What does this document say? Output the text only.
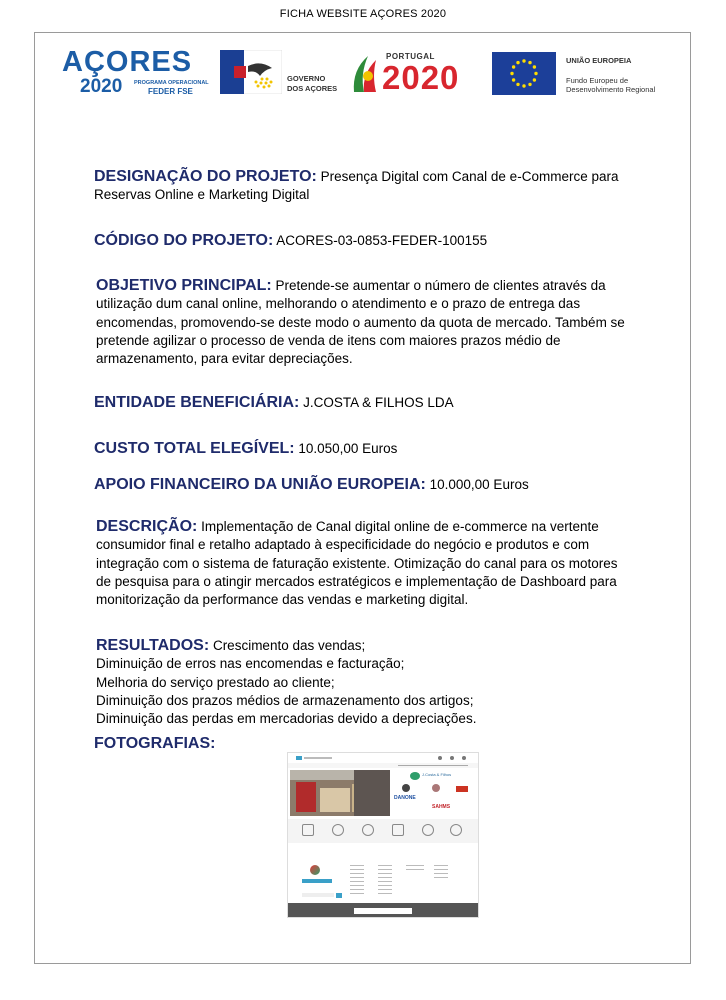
FICHA WEBSITE AÇORES 2020
AÇORES
2020 PROGRAMA OPERACIONAL
FEDER FSE
GOVERNO
DOS AÇORES
PORTUGAL
2020	UNIÃO EUROPEIA
Fundo Europeu de
Desenvolvimento Regional
DESIGNAÇÃO DO PROJETO: Presença Digital com Canal de e-Commerce para
Reservas Online e Marketing Digital
CÓDIGO DO PROJETO: ACORES-03-0853-FEDER-100155
OBJETIVO PRINCIPAL: Pretende-se aumentar o número de clientes através da
utilização dum canal online, melhorando o atendimento e o prazo de entrega das
encomendas, promovendo-se deste modo o aumento da quota de mercado. Também se
pretende agilizar o processo de venda de itens com maiores prazos médio de
armazenamento, para evitar depreciações.
ENTIDADE BENEFICIÁRIA: J.COSTA & FILHOS LDA
CUSTO TOTAL ELEGÍVEL: 10.050,00 Euros
APOIO FINANCEIRO DA UNIÃO EUROPEIA: 10.000,00 Euros
DESCRIÇÃO: Implementação de Canal digital online de e-commerce na vertente
consumidor final e retalho adaptado à especificidade do negócio e produtos e com
integração com o sistema de faturação existente. Otimização do canal para os motores
de pesquisa para o atingir mercados estratégicos e implementação de Dashboard para
monitorização da performance das vendas e marketing digital.
RESULTADOS: Crescimento das vendas;
Diminuição de erros nas encomendas e facturação;
Melhoria do serviço prestado ao cliente;
Diminuição dos prazos médios de armazenamento dos artigos;
Diminuição das perdas em mercadorias devido a depreciações.
FOTOGRAFIAS:
J.Costa & Filhos
DANONE
SAHMS
